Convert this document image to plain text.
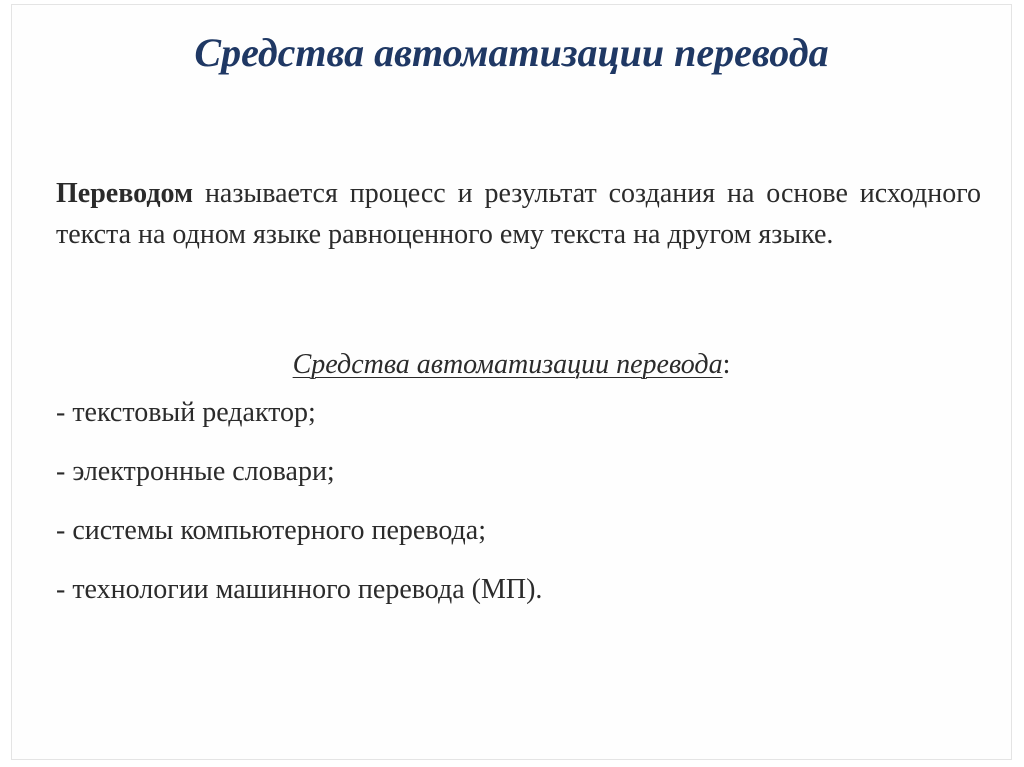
Средства автоматизации перевода

Переводом называется процесс и результат создания на основе исходного текста на одном языке равноценного ему текста на другом языке.

Средства автоматизации перевода:

- текстовый редактор;
- электронные словари;
- системы компьютерного перевода;
- технологии машинного перевода (МП).
